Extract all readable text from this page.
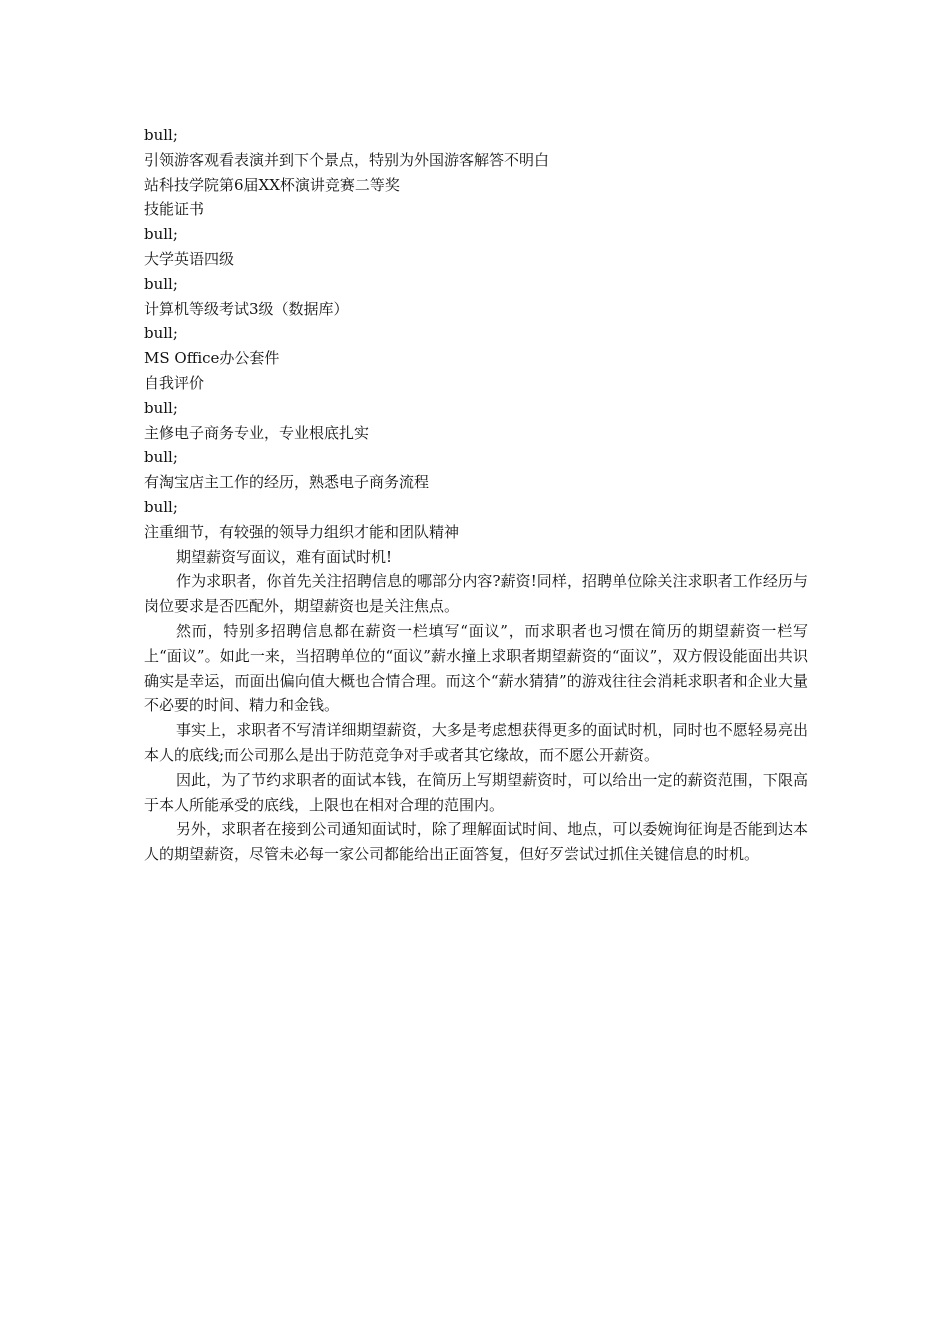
bull;

引领游客观看表演并到下个景点，特别为外国游客解答不明白

站科技学院第6届XX杯演讲竞赛二等奖

技能证书

bull;

大学英语四级

bull;

计算机等级考试3级（数据库）

bull;

MS Office办公套件

自我评价

bull;

主修电子商务专业，专业根底扎实

bull;

有淘宝店主工作的经历，熟悉电子商务流程

bull;

注重细节，有较强的领导力组织才能和团队精神

期望薪资写面议，难有面试时机!

作为求职者，你首先关注招聘信息的哪部分内容?薪资!同样，招聘单位除关注求职者工作经历与岗位要求是否匹配外，期望薪资也是关注焦点。

然而，特别多招聘信息都在薪资一栏填写“面议”，而求职者也习惯在简历的期望薪资一栏写上“面议”。如此一来，当招聘单位的“面议”薪水撞上求职者期望薪资的“面议”，双方假设能面出共识确实是幸运，而面出偏向值大概也合情合理。而这个“薪水猜猜”的游戏往往会消耗求职者和企业大量不必要的时间、精力和金钱。

事实上，求职者不写清详细期望薪资，大多是考虑想获得更多的面试时机，同时也不愿轻易亮出本人的底线;而公司那么是出于防范竞争对手或者其它缘故，而不愿公开薪资。

因此，为了节约求职者的面试本钱，在简历上写期望薪资时，可以给出一定的薪资范围，下限高于本人所能承受的底线，上限也在相对合理的范围内。

另外，求职者在接到公司通知面试时，除了理解面试时间、地点，可以委婉询征询是否能到达本人的期望薪资，尽管未必每一家公司都能给出正面答复，但好歹尝试过抓住关键信息的时机。
